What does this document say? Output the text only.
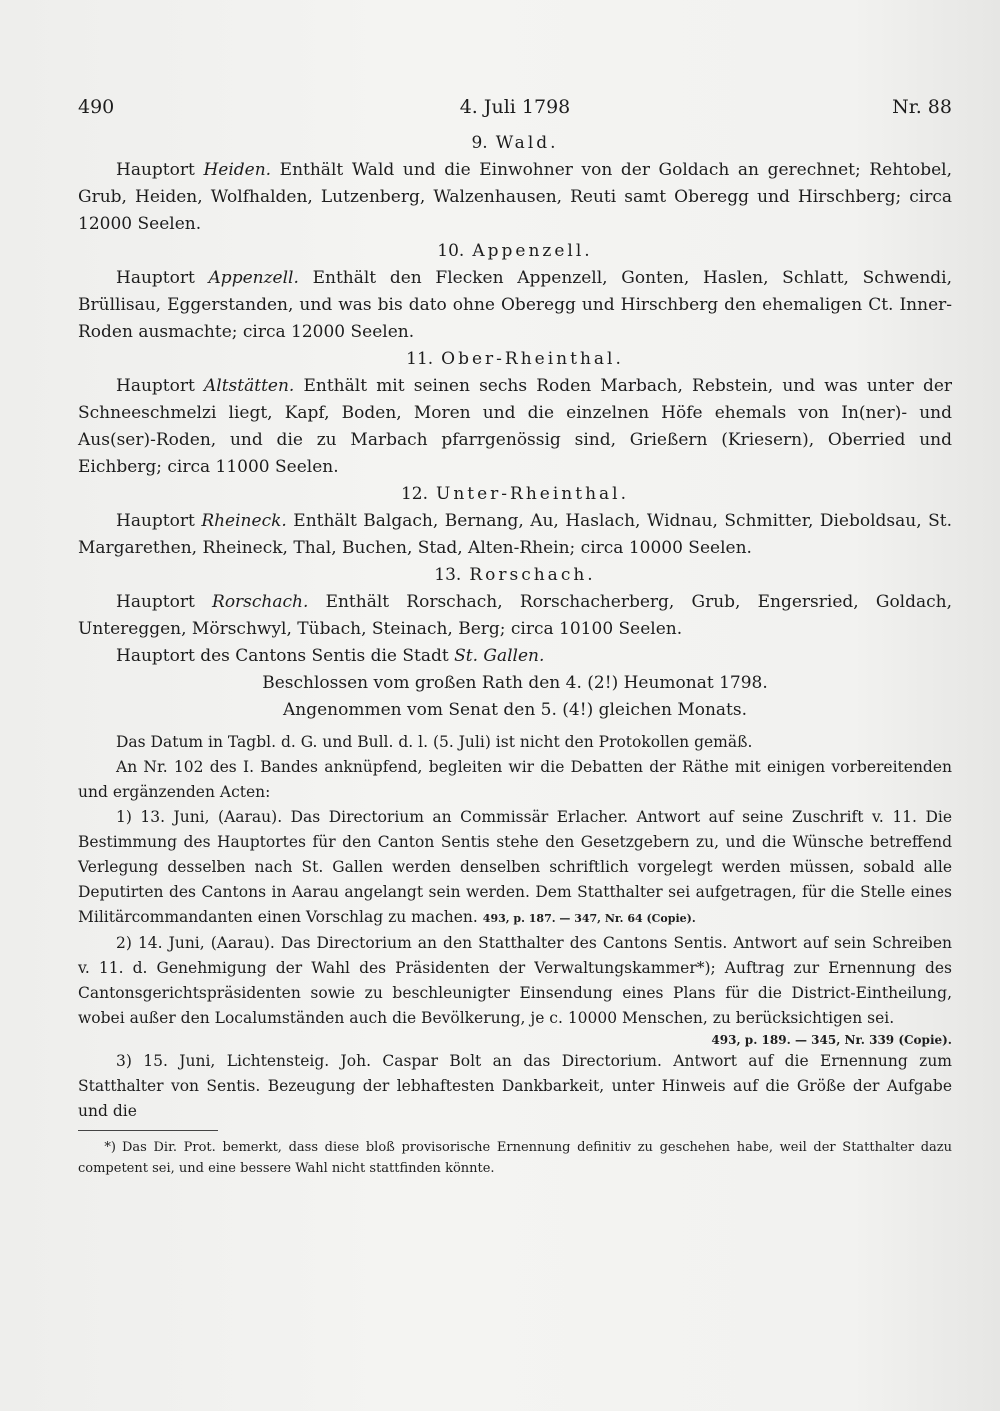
490	4. Juli 1798	Nr. 88
9. Wald.

Hauptort Heiden. Enthält Wald und die Einwohner von der Goldach an gerechnet; Rehtobel, Grub, Heiden, Wolfhalden, Lutzenberg, Walzenhausen, Reuti samt Oberegg und Hirschberg; circa 12000 Seelen.

10. Appenzell.

Hauptort Appenzell. Enthält den Flecken Appenzell, Gonten, Haslen, Schlatt, Schwendi, Brüllisau, Eggerstanden, und was bis dato ohne Oberegg und Hirschberg den ehemaligen Ct. Inner-Roden ausmachte; circa 12000 Seelen.

11. Ober-Rheinthal.

Hauptort Altstätten. Enthält mit seinen sechs Roden Marbach, Rebstein, und was unter der Schneeschmelzi liegt, Kapf, Boden, Moren und die einzelnen Höfe ehemals von In(ner)- und Aus(ser)-Roden, und die zu Marbach pfarrgenössig sind, Grießern (Kriesern), Oberried und Eichberg; circa 11000 Seelen.

12. Unter-Rheinthal.

Hauptort Rheineck. Enthält Balgach, Bernang, Au, Haslach, Widnau, Schmitter, Dieboldsau, St. Margarethen, Rheineck, Thal, Buchen, Stad, Alten-Rhein; circa 10000 Seelen.

13. Rorschach.

Hauptort Rorschach. Enthält Rorschach, Rorschacherberg, Grub, Engersried, Goldach, Untereggen, Mörschwyl, Tübach, Steinach, Berg; circa 10100 Seelen.

Hauptort des Cantons Sentis die Stadt St. Gallen.

Beschlossen vom großen Rath den 4. (2!) Heumonat 1798.

Angenommen vom Senat den 5. (4!) gleichen Monats.

Das Datum in Tagbl. d. G. und Bull. d. l. (5. Juli) ist nicht den Protokollen gemäß.

An Nr. 102 des I. Bandes anknüpfend, begleiten wir die Debatten der Räthe mit einigen vorbereitenden und ergänzenden Acten:

1) 13. Juni, (Aarau). Das Directorium an Commissär Erlacher. Antwort auf seine Zuschrift v. 11. Die Bestimmung des Hauptortes für den Canton Sentis stehe den Gesetzgebern zu, und die Wünsche betreffend Verlegung desselben nach St. Gallen werden denselben schriftlich vorgelegt werden müssen, sobald alle Deputirten des Cantons in Aarau angelangt sein werden. Dem Statthalter sei aufgetragen, für die Stelle eines Militärcommandanten einen Vorschlag zu machen. 493, p. 187. — 347, Nr. 64 (Copie).

2) 14. Juni, (Aarau). Das Directorium an den Statthalter des Cantons Sentis. Antwort auf sein Schreiben v. 11. d. Genehmigung der Wahl des Präsidenten der Verwaltungskammer*); Auftrag zur Ernennung des Cantonsgerichtspräsidenten sowie zu beschleunigter Einsendung eines Plans für die District-Eintheilung, wobei außer den Localumständen auch die Bevölkerung, je c. 10000 Menschen, zu berücksichtigen sei.

493, p. 189. — 345, Nr. 339 (Copie).

3) 15. Juni, Lichtensteig. Joh. Caspar Bolt an das Directorium. Antwort auf die Ernennung zum Statthalter von Sentis. Bezeugung der lebhaftesten Dankbarkeit, unter Hinweis auf die Größe der Aufgabe und die

*) Das Dir. Prot. bemerkt, dass diese bloß provisorische Ernennung definitiv zu geschehen habe, weil der Statthalter dazu competent sei, und eine bessere Wahl nicht stattfinden könnte.
